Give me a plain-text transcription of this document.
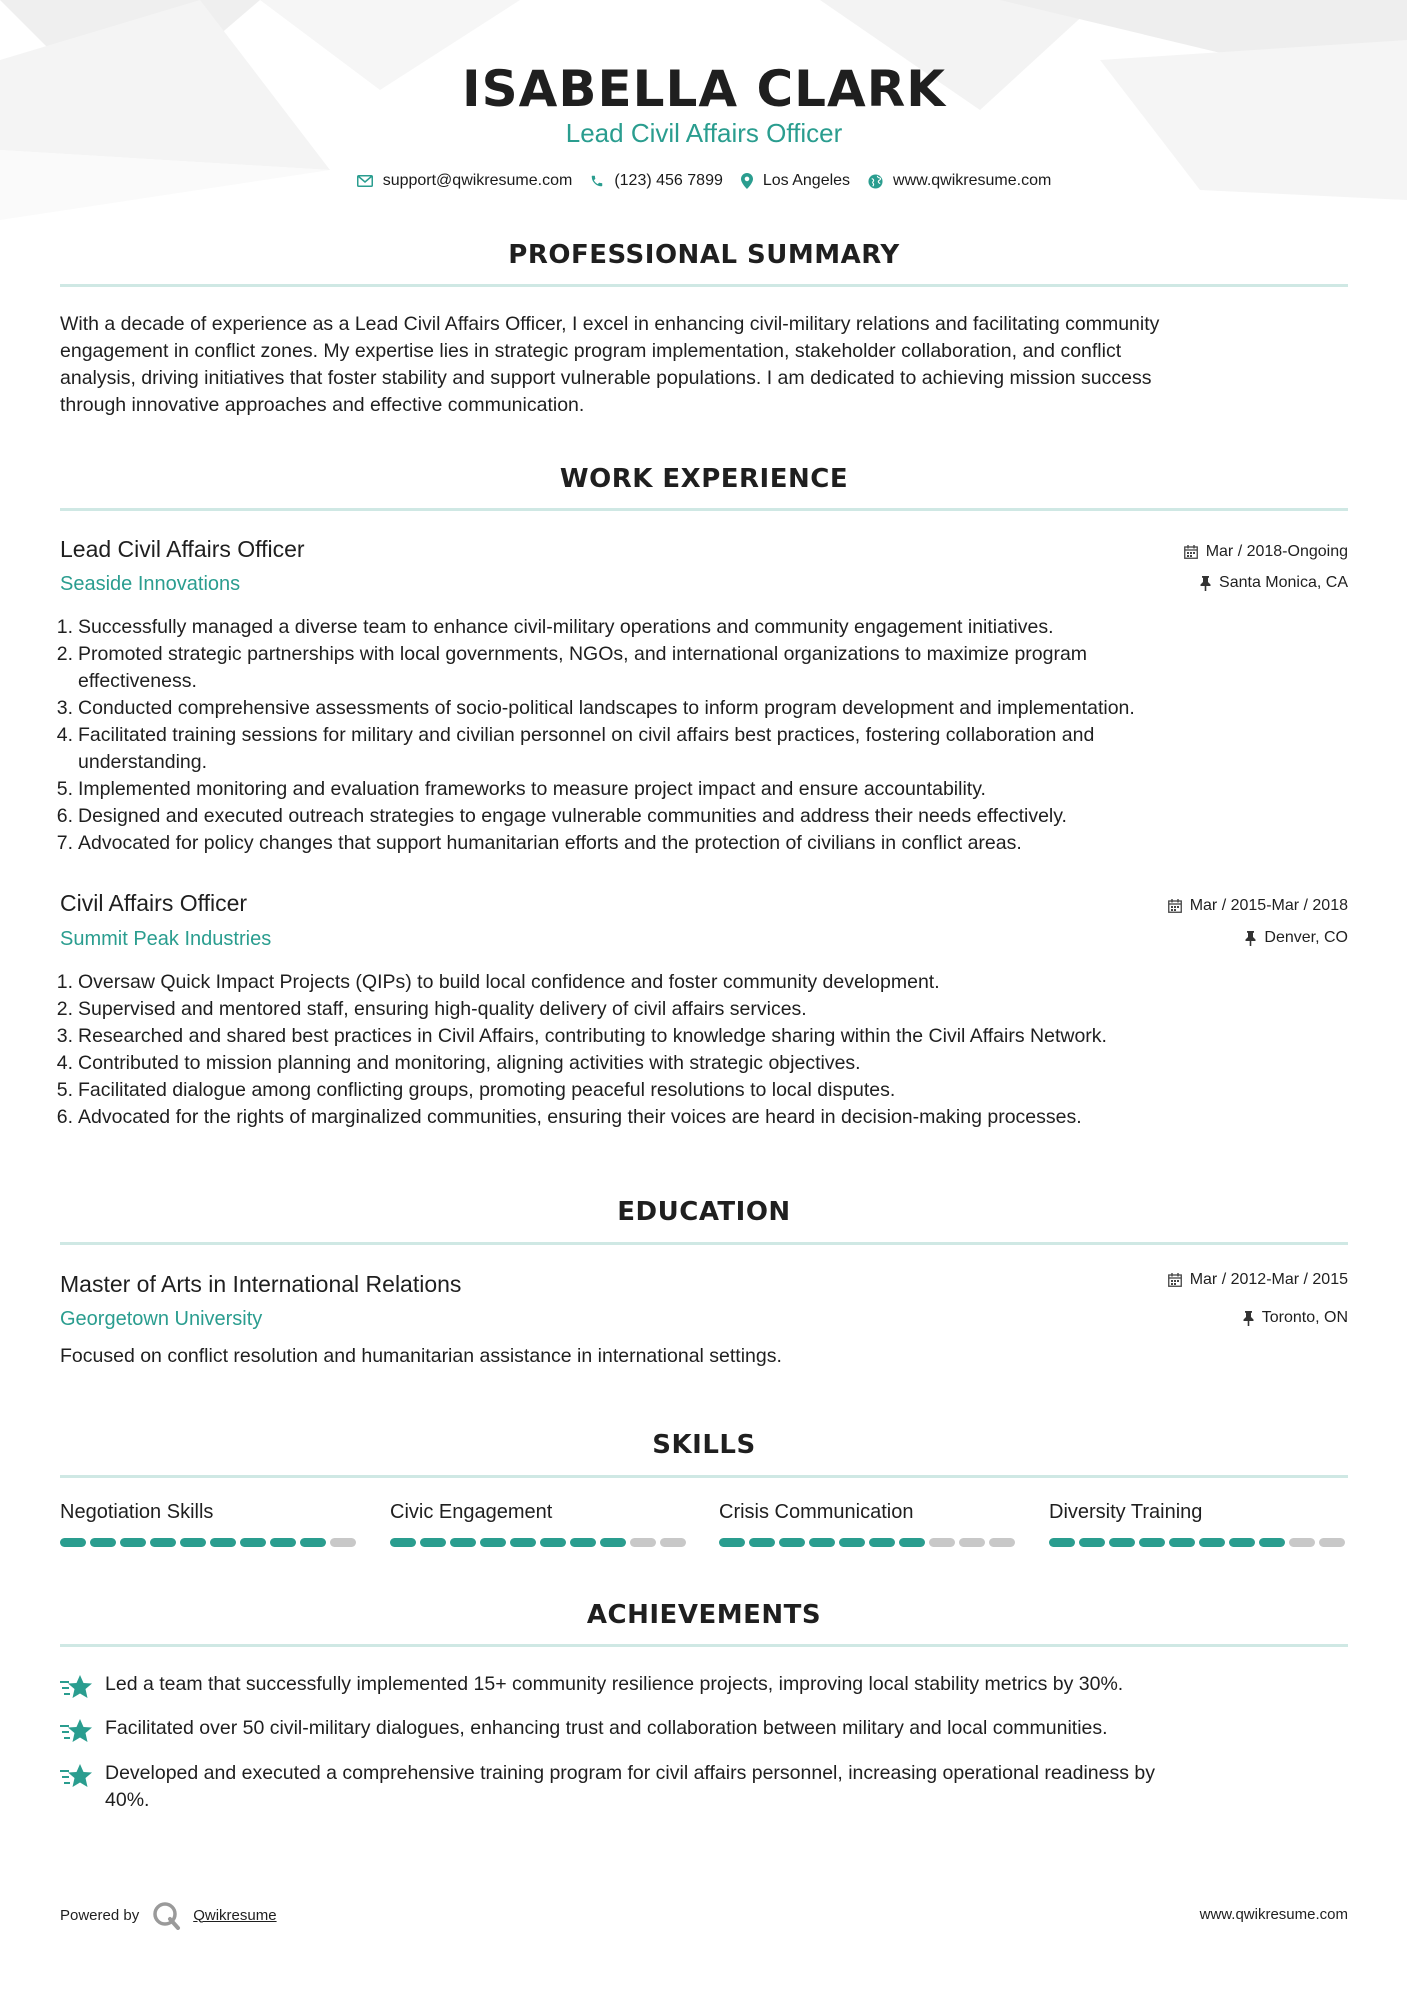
ISABELLA CLARK
Lead Civil Affairs Officer
support@qwikresume.com	(123) 456 7899	Los Angeles	www.qwikresume.com
PROFESSIONAL SUMMARY
With a decade of experience as a Lead Civil Affairs Officer, I excel in enhancing civil-military relations and facilitating community
engagement in conflict zones. My expertise lies in strategic program implementation, stakeholder collaboration, and conflict
analysis, driving initiatives that foster stability and support vulnerable populations. I am dedicated to achieving mission success
through innovative approaches and effective communication.
WORK EXPERIENCE
Lead Civil Affairs Officer	Mar / 2018-Ongoing
Seaside Innovations	Santa Monica, CA
1. Successfully managed a diverse team to enhance civil-military operations and community engagement initiatives.
2. Promoted strategic partnerships with local governments, NGOs, and international organizations to maximize program
effectiveness.
3. Conducted comprehensive assessments of socio-political landscapes to inform program development and implementation.
4. Facilitated training sessions for military and civilian personnel on civil affairs best practices, fostering collaboration and
understanding.
5. Implemented monitoring and evaluation frameworks to measure project impact and ensure accountability.
6. Designed and executed outreach strategies to engage vulnerable communities and address their needs effectively.
7. Advocated for policy changes that support humanitarian efforts and the protection of civilians in conflict areas.
Civil Affairs Officer	Mar / 2015-Mar / 2018
Summit Peak Industries	Denver, CO
1. Oversaw Quick Impact Projects (QIPs) to build local confidence and foster community development.
2. Supervised and mentored staff, ensuring high-quality delivery of civil affairs services.
3. Researched and shared best practices in Civil Affairs, contributing to knowledge sharing within the Civil Affairs Network.
4. Contributed to mission planning and monitoring, aligning activities with strategic objectives.
5. Facilitated dialogue among conflicting groups, promoting peaceful resolutions to local disputes.
6. Advocated for the rights of marginalized communities, ensuring their voices are heard in decision-making processes.
EDUCATION
Master of Arts in International Relations	Mar / 2012-Mar / 2015
Georgetown University	Toronto, ON
Focused on conflict resolution and humanitarian assistance in international settings.
SKILLS
Negotiation Skills	Civic Engagement	Crisis Communication	Diversity Training
ACHIEVEMENTS
Led a team that successfully implemented 15+ community resilience projects, improving local stability metrics by 30%.
Facilitated over 50 civil-military dialogues, enhancing trust and collaboration between military and local communities.
Developed and executed a comprehensive training program for civil affairs personnel, increasing operational readiness by
40%.
Powered by	Qwikresume	www.qwikresume.com
